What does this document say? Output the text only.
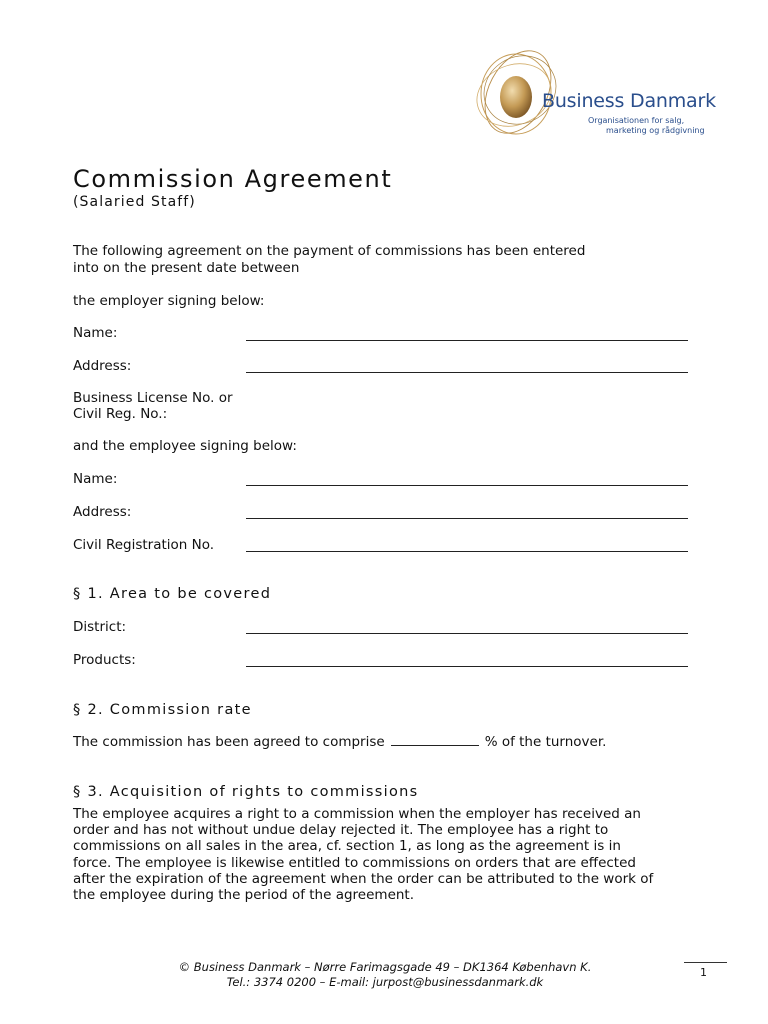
Business Danmark
Organisationen for salg,
marketing og rådgivning
Commission Agreement
(Salaried Staff)
The following agreement on the payment of commissions has been entered
into on the present date between
the employer signing below:
Name:
Address:
Business License No. or
Civil Reg. No.:
and the employee signing below:
Name:
Address:
Civil Registration No.
§ 1. Area to be covered
District:
Products:
§ 2. Commission rate
The commission has been agreed to comprise	% of the turnover.
§ 3. Acquisition of rights to commissions
The employee acquires a right to a commission when the employer has received an
order and has not without undue delay rejected it. The employee has a right to
commissions on all sales in the area, cf. section 1, as long as the agreement is in
force. The employee is likewise entitled to commissions on orders that are effected
after the expiration of the agreement when the order can be attributed to the work of
the employee during the period of the agreement.
© Business Danmark – Nørre Farimagsgade 49 – DK1364 København K.
Tel.: 3374 0200 – E-mail: jurpost@businessdanmark.dk
1
